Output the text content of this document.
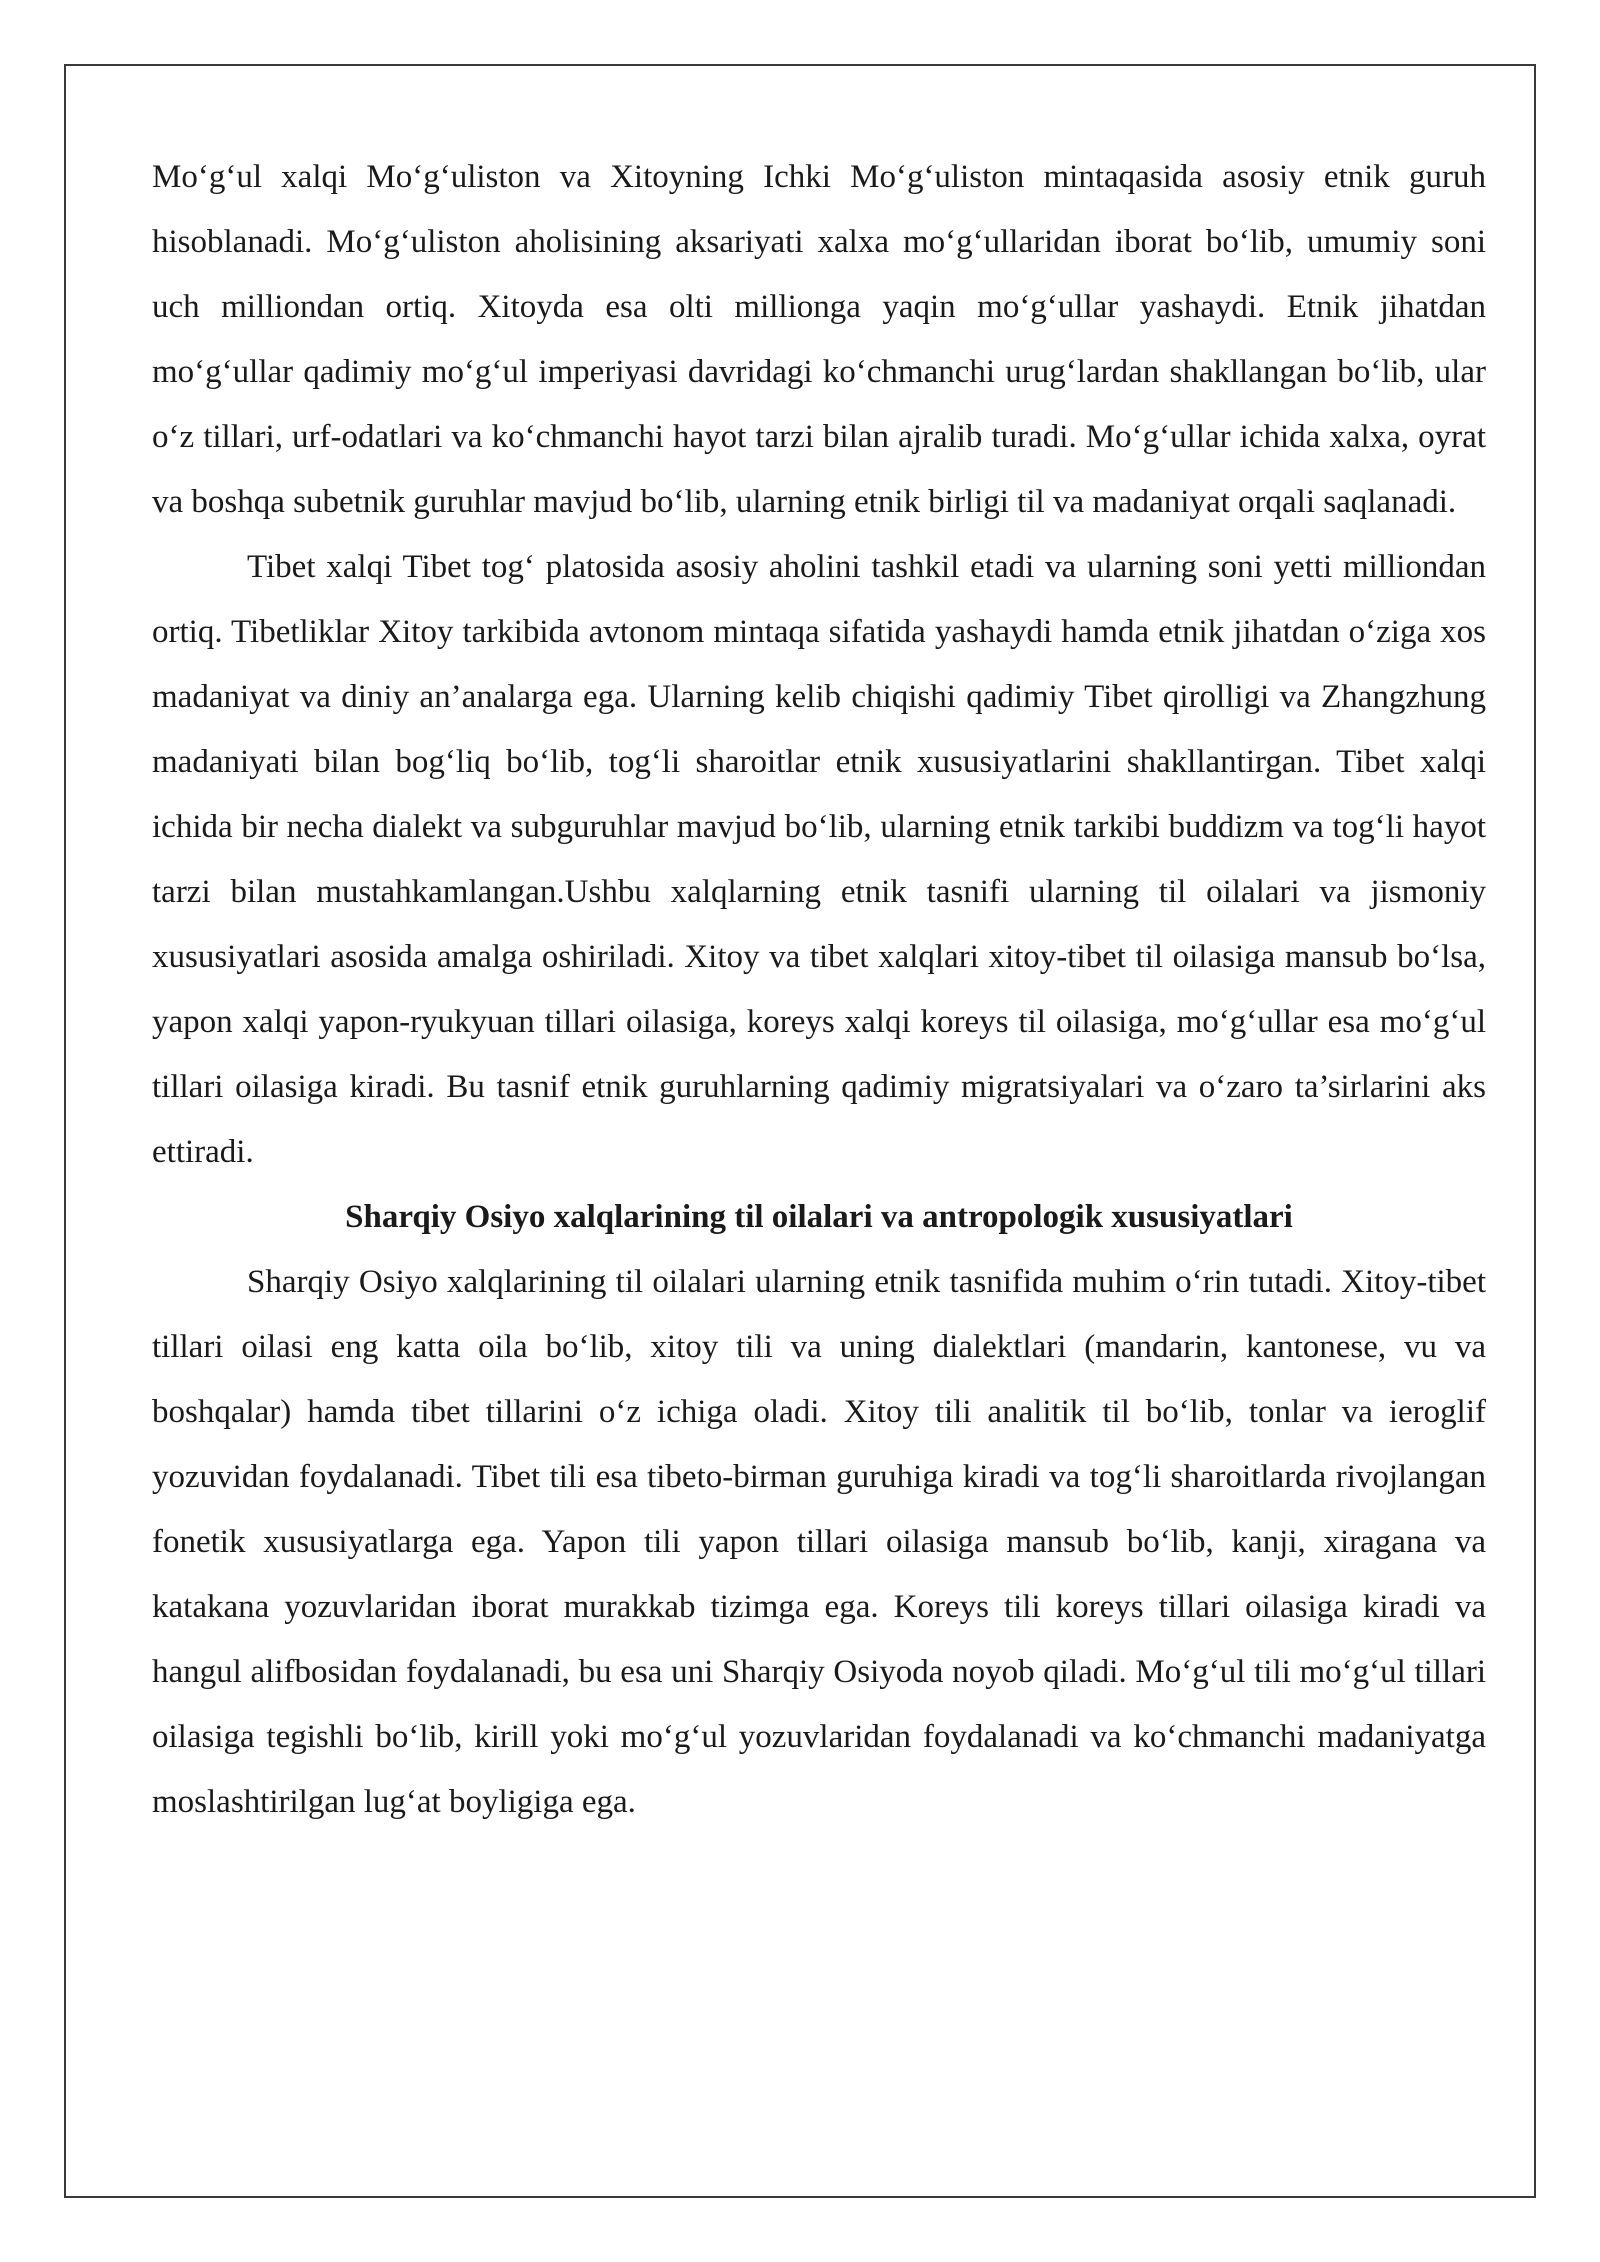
Mo‘g‘ul xalqi Mo‘g‘uliston va Xitoyning Ichki Mo‘g‘uliston mintaqasida asosiy etnik guruh hisoblanadi. Mo‘g‘uliston aholisining aksariyati xalxa mo‘g‘ullaridan iborat bo‘lib, umumiy soni uch milliondan ortiq. Xitoyda esa olti millionga yaqin mo‘g‘ullar yashaydi. Etnik jihatdan mo‘g‘ullar qadimiy mo‘g‘ul imperiyasi davridagi ko‘chmanchi urug‘lardan shakllangan bo‘lib, ular o‘z tillari, urf-odatlari va ko‘chmanchi hayot tarzi bilan ajralib turadi. Mo‘g‘ullar ichida xalxa, oyrat va boshqa subetnik guruhlar mavjud bo‘lib, ularning etnik birligi til va madaniyat orqali saqlanadi.

Tibet xalqi Tibet tog‘ platosida asosiy aholini tashkil etadi va ularning soni yetti milliondan ortiq. Tibetliklar Xitoy tarkibida avtonom mintaqa sifatida yashaydi hamda etnik jihatdan o‘ziga xos madaniyat va diniy an’analarga ega. Ularning kelib chiqishi qadimiy Tibet qirolligi va Zhangzhung madaniyati bilan bog‘liq bo‘lib, tog‘li sharoitlar etnik xususiyatlarini shakllantirgan. Tibet xalqi ichida bir necha dialekt va subguruhlar mavjud bo‘lib, ularning etnik tarkibi buddizm va tog‘li hayot tarzi bilan mustahkamlangan.Ushbu xalqlarning etnik tasnifi ularning til oilalari va jismoniy xususiyatlari asosida amalga oshiriladi. Xitoy va tibet xalqlari xitoy-tibet til oilasiga mansub bo‘lsa, yapon xalqi yapon-ryukyuan tillari oilasiga, koreys xalqi koreys til oilasiga, mo‘g‘ullar esa mo‘g‘ul tillari oilasiga kiradi. Bu tasnif etnik guruhlarning qadimiy migratsiyalari va o‘zaro ta’sirlarini aks ettiradi.

Sharqiy Osiyo xalqlarining til oilalari va antropologik xususiyatlari

Sharqiy Osiyo xalqlarining til oilalari ularning etnik tasnifida muhim o‘rin tutadi. Xitoy-tibet tillari oilasi eng katta oila bo‘lib, xitoy tili va uning dialektlari (mandarin, kantonese, vu va boshqalar) hamda tibet tillarini o‘z ichiga oladi. Xitoy tili analitik til bo‘lib, tonlar va ieroglif yozuvidan foydalanadi. Tibet tili esa tibeto-birman guruhiga kiradi va tog‘li sharoitlarda rivojlangan fonetik xususiyatlarga ega. Yapon tili yapon tillari oilasiga mansub bo‘lib, kanji, xiragana va katakana yozuvlaridan iborat murakkab tizimga ega. Koreys tili koreys tillari oilasiga kiradi va hangul alifbosidan foydalanadi, bu esa uni Sharqiy Osiyoda noyob qiladi. Mo‘g‘ul tili mo‘g‘ul tillari oilasiga tegishli bo‘lib, kirill yoki mo‘g‘ul yozuvlaridan foydalanadi va ko‘chmanchi madaniyatga moslashtirilgan lug‘at boyligiga ega.
